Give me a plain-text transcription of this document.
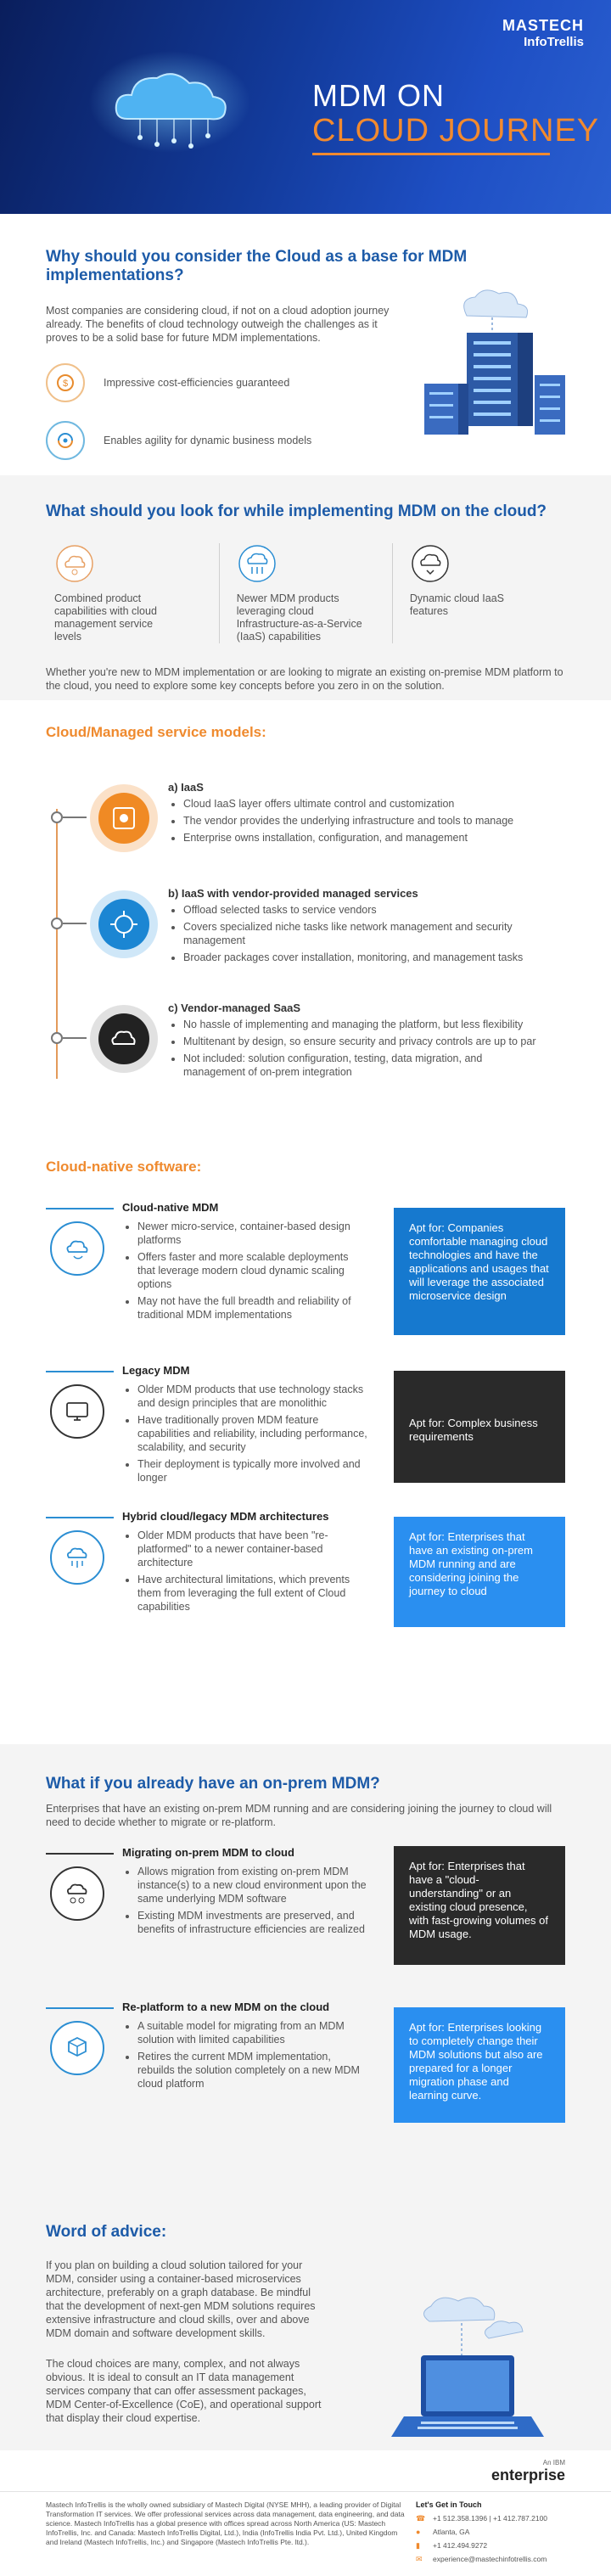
MASTECH
InfoTrellis
MDM ON
CLOUD JOURNEY
Why should you consider the Cloud as a base for MDM implementations?

Most companies are considering cloud, if not on a cloud adoption journey already. The benefits of cloud technology outweigh the challenges as it proves to be a solid base for future MDM implementations.

$	Impressive cost-efficiencies guaranteed
Enables agility for dynamic business models
What should you look for while implementing MDM on the cloud?
Combined product capabilities with cloud management service levels
Newer MDM products leveraging cloud Infrastructure-as-a-Service (IaaS) capabilities
Dynamic cloud IaaS features

Whether you're new to MDM implementation or are looking to migrate an existing on-premise MDM platform to the cloud, you need to explore some key concepts before you zero in on the solution.

Cloud/Managed service models:
a) IaaS
• Cloud IaaS layer offers ultimate control and customization
• The vendor provides the underlying infrastructure and tools to manage
• Enterprise owns installation, configuration, and management
b) IaaS with vendor-provided managed services
• Offload selected tasks to service vendors
• Covers specialized niche tasks like network management and security management
• Broader packages cover installation, monitoring, and management tasks
c) Vendor-managed SaaS
• No hassle of implementing and managing the platform, but less flexibility
• Multitenant by design, so ensure security and privacy controls are up to par
• Not included: solution configuration, testing, data migration, and management of on-prem integration
Cloud-native software:
Cloud-native MDM
• Newer micro-service, container-based design platforms
• Offers faster and more scalable deployments that leverage modern cloud dynamic scaling options
• May not have the full breadth and reliability of traditional MDM implementations
Apt for: Companies comfortable managing cloud technologies and have the applications and usages that will leverage the associated microservice design
Legacy MDM
• Older MDM products that use technology stacks and design principles that are monolithic
• Have traditionally proven MDM feature capabilities and reliability, including performance, scalability, and security
• Their deployment is typically more involved and longer
Apt for: Complex business requirements
Hybrid cloud/legacy MDM architectures
• Older MDM products that have been "re-platformed" to a newer container-based architecture
• Have architectural limitations, which prevents them from leveraging the full extent of Cloud capabilities
Apt for: Enterprises that have an existing on-prem MDM running and are considering joining the journey to cloud
What if you already have an on-prem MDM?

Enterprises that have an existing on-prem MDM running and are considering joining the journey to cloud will need to decide whether to migrate or re-platform.

Migrating on-prem MDM to cloud
• Allows migration from existing on-prem MDM instance(s) to a new cloud environment upon the same underlying MDM software
• Existing MDM investments are preserved, and benefits of infrastructure efficiencies are realized
Apt for: Enterprises that have a "cloud-understanding" or an existing cloud presence, with fast-growing volumes of MDM usage.
Re-platform to a new MDM on the cloud
• A suitable model for migrating from an MDM solution with limited capabilities
• Retires the current MDM implementation, rebuilds the solution completely on a new MDM cloud platform
Apt for: Enterprises looking to completely change their MDM solutions but also are prepared for a longer migration phase and learning curve.
Word of advice:

If you plan on building a cloud solution tailored for your MDM, consider using a container-based microservices architecture, preferably on a graph database. Be mindful that the development of next-gen MDM solutions requires extensive infrastructure and cloud skills, over and above MDM domain and software development skills.

The cloud choices are many, complex, and not always obvious. It is ideal to consult an IT data management services company that can offer assessment packages, MDM Center-of-Excellence (CoE), and operational support that display their cloud expertise.

An IBM
enterprise
Mastech InfoTrellis is the wholly owned subsidiary of Mastech Digital (NYSE MHH), a leading provider of Digital Transformation IT services. We offer professional services across data management, data engineering, and data science. Mastech InfoTrellis has a global presence with offices spread across North America (US: Mastech InfoTrellis, Inc. and Canada: Mastech InfoTrellis Digital, Ltd.), India (InfoTrellis India Pvt. Ltd.), United Kingdom and Ireland (Mastech InfoTrellis, Inc.) and Singapore (Mastech InfoTrellis Pte. ltd.).
Let's Get in Touch
☎ +1 512.358.1396 | +1 412.787.2100
●	Atlanta, GA
▮	+1 412.494.9272
✉ experience@mastechinfotrellis.com
